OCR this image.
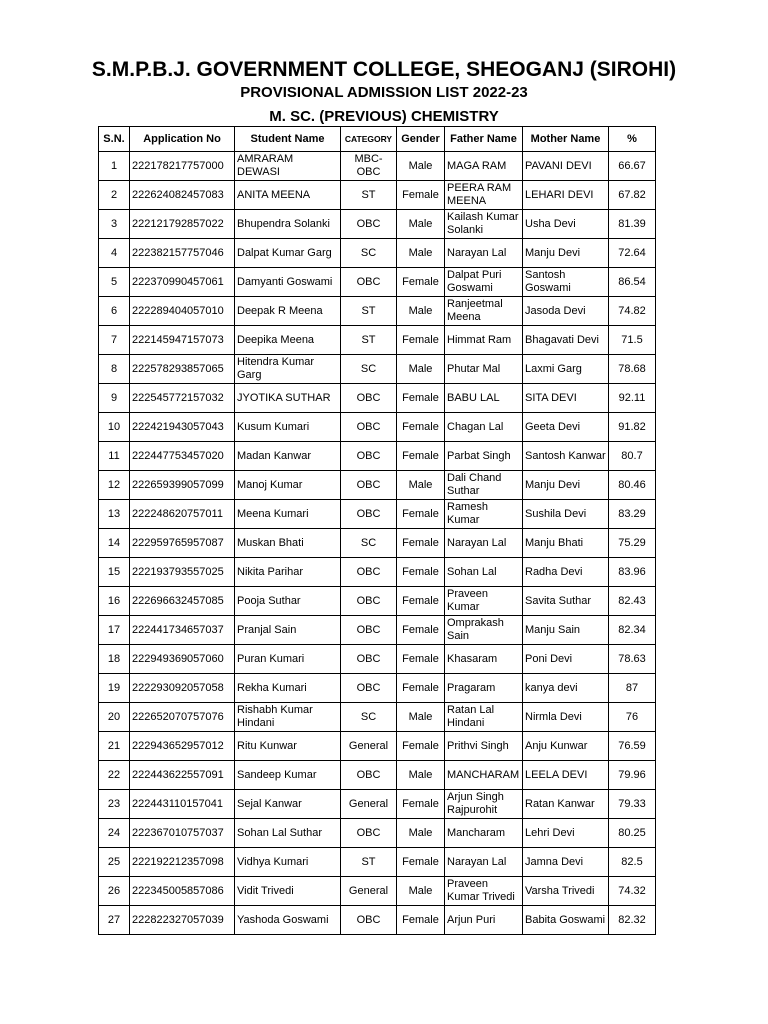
S.M.P.B.J. GOVERNMENT COLLEGE, SHEOGANJ (SIROHI)
PROVISIONAL ADMISSION LIST 2022-23
M. SC. (PREVIOUS) CHEMISTRY
S.N.	Application No	Student Name	CATEGORY	Gender	Father Name	Mother Name	%
1	222178217757000	AMRARAM DEWASI	MBC-OBC	Male	MAGA RAM	PAVANI DEVI	66.67
2	222624082457083	ANITA MEENA	ST	Female	PEERA RAM MEENA	LEHARI DEVI	67.82
3	222121792857022	Bhupendra Solanki	OBC	Male	Kailash Kumar Solanki	Usha Devi	81.39
4	222382157757046	Dalpat Kumar Garg	SC	Male	Narayan Lal	Manju Devi	72.64
5	222370990457061	Damyanti Goswami	OBC	Female	Dalpat Puri Goswami	Santosh Goswami	86.54
6	222289404057010	Deepak R Meena	ST	Male	Ranjeetmal Meena	Jasoda Devi	74.82
7	222145947157073	Deepika Meena	ST	Female	Himmat Ram	Bhagavati Devi	71.5
8	222578293857065	Hitendra Kumar Garg	SC	Male	Phutar Mal	Laxmi Garg	78.68
9	222545772157032	JYOTIKA SUTHAR	OBC	Female	BABU LAL	SITA DEVI	92.11
10	222421943057043	Kusum Kumari	OBC	Female	Chagan Lal	Geeta Devi	91.82
11	222447753457020	Madan Kanwar	OBC	Female	Parbat Singh	Santosh Kanwar	80.7
12	222659399057099	Manoj Kumar	OBC	Male	Dali Chand Suthar	Manju Devi	80.46
13	222248620757011	Meena Kumari	OBC	Female	Ramesh Kumar	Sushila Devi	83.29
14	222959765957087	Muskan Bhati	SC	Female	Narayan Lal	Manju Bhati	75.29
15	222193793557025	Nikita Parihar	OBC	Female	Sohan Lal	Radha Devi	83.96
16	222696632457085	Pooja Suthar	OBC	Female	Praveen Kumar	Savita Suthar	82.43
17	222441734657037	Pranjal Sain	OBC	Female	Omprakash Sain	Manju Sain	82.34
18	222949369057060	Puran Kumari	OBC	Female	Khasaram	Poni Devi	78.63
19	222293092057058	Rekha Kumari	OBC	Female	Pragaram	kanya devi	87
20	222652070757076	Rishabh Kumar Hindani	SC	Male	Ratan Lal Hindani	Nirmla Devi	76
21	222943652957012	Ritu Kunwar	General	Female	Prithvi Singh	Anju Kunwar	76.59
22	222443622557091	Sandeep Kumar	OBC	Male	MANCHARAM	LEELA DEVI	79.96
23	222443110157041	Sejal Kanwar	General	Female	Arjun Singh Rajpurohit	Ratan Kanwar	79.33
24	222367010757037	Sohan Lal Suthar	OBC	Male	Mancharam	Lehri Devi	80.25
25	222192212357098	Vidhya Kumari	ST	Female	Narayan Lal	Jamna Devi	82.5
26	222345005857086	Vidit Trivedi	General	Male	Praveen Kumar Trivedi	Varsha Trivedi	74.32
27	222822327057039	Yashoda Goswami	OBC	Female	Arjun Puri	Babita Goswami	82.32
